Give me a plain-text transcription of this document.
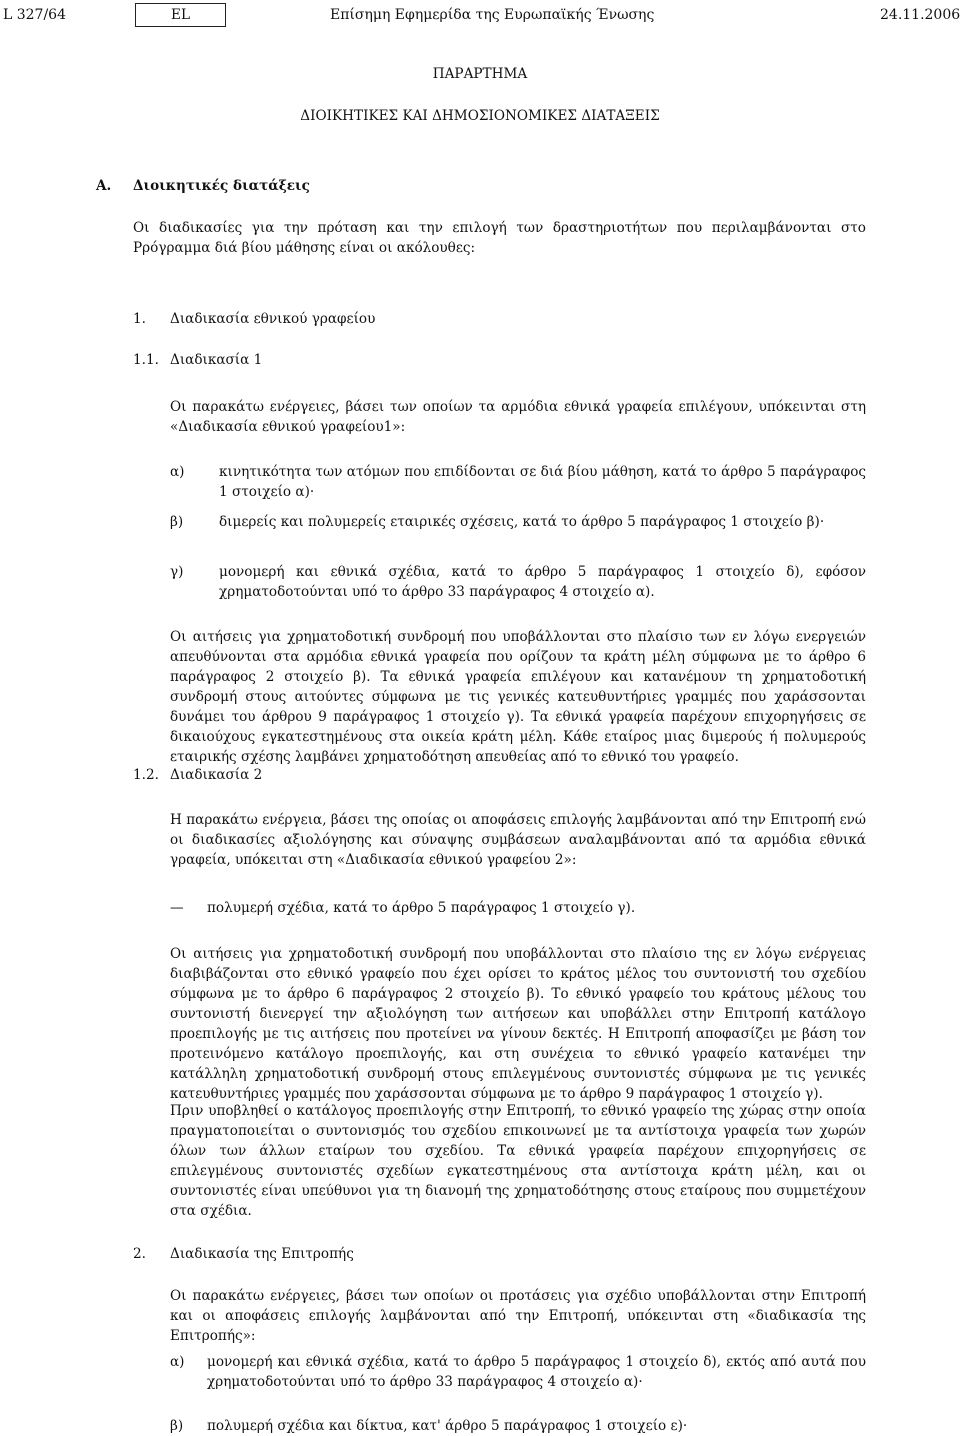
L 327/64	EL	Επίσημη Εφημερίδα της Ευρωπαϊκής Ένωσης	24.11.2006
ΠΑΡΑΡΤΗΜΑ
ΔΙΟΙΚΗΤΙΚΕΣ ΚΑΙ ΔΗΜΟΣΙΟΝΟΜΙΚΕΣ ΔΙΑΤΑΞΕΙΣ
Α. Διοικητικές διατάξεις
Οι διαδικασίες για την πρόταση και την επιλογή των δραστηριοτήτων που περιλαμβάνονται στο Ρρόγραμμα διά βίου μάθησης είναι οι ακόλουθες:
1. Διαδικασία εθνικού γραφείου
1.1. Διαδικασία 1
Οι παρακάτω ενέργειες, βάσει των οποίων τα αρμόδια εθνικά γραφεία επιλέγουν, υπόκεινται στη «Διαδικασία εθνικού γραφείου1»:
α)	κινητικότητα των ατόμων που επιδίδονται σε διά βίου μάθηση, κατά το άρθρο 5 παράγραφος 1 στοιχείο α)·
β)	διμερείς και πολυμερείς εταιρικές σχέσεις, κατά το άρθρο 5 παράγραφος 1 στοιχείο β)·
γ)	μονομερή και εθνικά σχέδια, κατά το άρθρο 5 παράγραφος 1 στοιχείο δ), εφόσον χρηματοδοτούνται υπό το άρθρο 33 παράγραφος 4 στοιχείο α).
Οι αιτήσεις για χρηματοδοτική συνδρομή που υποβάλλονται στο πλαίσιο των εν λόγω ενεργειών απευθύνονται στα αρμόδια εθνικά γραφεία που ορίζουν τα κράτη μέλη σύμφωνα με το άρθρο 6 παράγραφος 2 στοιχείο β). Τα εθνικά γραφεία επιλέγουν και κατανέμουν τη χρηματοδοτική συνδρομή στους αιτούντες σύμφωνα με τις γενικές κατευθυντήριες γραμμές που χαράσσονται δυνάμει του άρθρου 9 παράγραφος 1 στοιχείο γ). Τα εθνικά γραφεία παρέχουν επιχορηγήσεις σε δικαιούχους εγκατεστημένους στα οικεία κράτη μέλη. Κάθε εταίρος μιας διμερούς ή πολυμερούς εταιρικής σχέσης λαμβάνει χρηματοδότηση απευθείας από το εθνικό του γραφείο.
1.2. Διαδικασία 2
Η παρακάτω ενέργεια, βάσει της οποίας οι αποφάσεις επιλογής λαμβάνονται από την Επιτροπή ενώ οι διαδικασίες αξιολόγησης και σύναψης συμβάσεων αναλαμβάνονται από τα αρμόδια εθνικά γραφεία, υπόκειται στη «Διαδικασία εθνικού γραφείου 2»:
— πολυμερή σχέδια, κατά το άρθρο 5 παράγραφος 1 στοιχείο γ).
Οι αιτήσεις για χρηματοδοτική συνδρομή που υποβάλλονται στο πλαίσιο της εν λόγω ενέργειας διαβιβάζονται στο εθνικό γραφείο που έχει ορίσει το κράτος μέλος του συντονιστή του σχεδίου σύμφωνα με το άρθρο 6 παράγραφος 2 στοιχείο β). Το εθνικό γραφείο του κράτους μέλους του συντονιστή διενεργεί την αξιολόγηση των αιτήσεων και υποβάλλει στην Επιτροπή κατάλογο προεπιλογής με τις αιτήσεις που προτείνει να γίνουν δεκτές. Η Επιτροπή αποφασίζει με βάση τον προτεινόμενο κατάλογο προεπιλογής, και στη συνέχεια το εθνικό γραφείο κατανέμει την κατάλληλη χρηματοδοτική συνδρομή στους επιλεγμένους συντονιστές σύμφωνα με τις γενικές κατευθυντήριες γραμμές που χαράσσονται σύμφωνα με το άρθρο 9 παράγραφος 1 στοιχείο γ).
Πριν υποβληθεί ο κατάλογος προεπιλογής στην Επιτροπή, το εθνικό γραφείο της χώρας στην οποία πραγματοποιείται ο συντονισμός του σχεδίου επικοινωνεί με τα αντίστοιχα γραφεία των χωρών όλων των άλλων εταίρων του σχεδίου. Τα εθνικά γραφεία παρέχουν επιχορηγήσεις σε επιλεγμένους συντονιστές σχεδίων εγκατεστημένους στα αντίστοιχα κράτη μέλη, και οι συντονιστές είναι υπεύθυνοι για τη διανομή της χρηματοδότησης στους εταίρους που συμμετέχουν στα σχέδια.
2. Διαδικασία της Επιτροπής
Οι παρακάτω ενέργειες, βάσει των οποίων οι προτάσεις για σχέδιο υποβάλλονται στην Επιτροπή και οι αποφάσεις επιλογής λαμβάνονται από την Επιτροπή, υπόκεινται στη «διαδικασία της Επιτροπής»:
α) μονομερή και εθνικά σχέδια, κατά το άρθρο 5 παράγραφος 1 στοιχείο δ), εκτός από αυτά που χρηματοδοτούνται υπό το άρθρο 33 παράγραφος 4 στοιχείο α)·
β) πολυμερή σχέδια και δίκτυα, κατ' άρθρο 5 παράγραφος 1 στοιχείο ε)·
